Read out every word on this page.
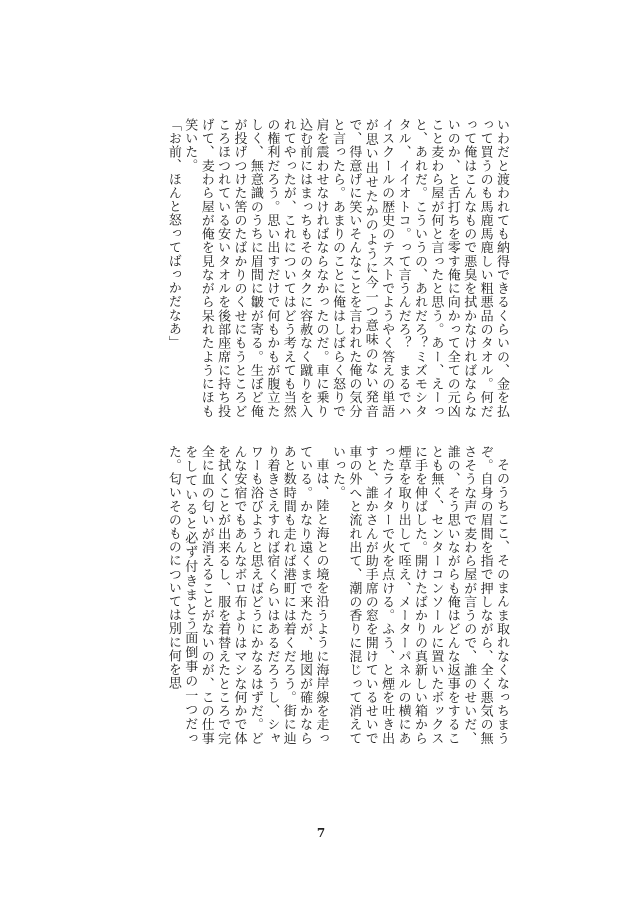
いわだと渡われても納得できるくらいの、金を払って買うのも馬鹿馬鹿しい粗悪品のタオル。何だって俺はこんなもので悪臭を拭かなければならないのか、と舌打ちを零す俺に向かって全ての元凶こと麦わら屋が何と言ったと思う。あー、えーっと、あれだ。こういうの、あれだろ？ミズモシタタル、イイオトコ。って言うんだろ？　まるでハイスクールの歴史のテストでようやく答えの単語が思い出せたかのように今一つ意味のない発音で、得意げに笑いそんなことを言われた俺の気分と言ったら。あまりのことに俺はしばらく怒りで肩を震わせなければならなかったのだ。車に乗り込む前にはまっちもそのタクに容赦なく蹴りを入れてやったが、これについてはどう考えても当然の権利だろう。思い出すだけで何もかもが腹立たしく、無意識のうちに眉間に皺が寄る。生ぼど俺が投げつけた筈のたばかりのくせにもうところどころほつれている安いタオルを後部座席に持ち投げて、麦わら屋が俺を見ながら呆れたようにほも笑いた。

「お前、ほんと怒ってばっかだなあ」

そのうちここ、そのまんま取れなくなっちまうぞ。自身の眉間を指で押しながら、全く悪気の無さそうな声で麦わら屋が言うので、誰のせいだ、誰の、そう思いながらも俺はどんな返事をすることも無く、センターコンソールに置いたボックスに手を伸ばした。開けたばかりの真新しい箱から煙草を取り出して咥え、メーターパネルの横にあったライターで火を点ける。ふう、と煙を吐き出すと、誰かさんが助手席の窓を開けているせいで車の外へと流れ出て、潮の香りに混じって消えていった。

車は、陸と海との境を沿うように海岸線を走っている。かなり遠くまで来たが、地図が確かならあと数時間も走れば港町には着くだろう。街に辿り着きさえすれば宿くらいはあるだろうし、シャワーも浴びようと思えばどうにかなるはずだ。どんな安宿でもあんなボロ布よりはマシな何かで体を拭くことが出来るし、服を着替えたところで完全に血の匂いが消えることがないのが、この仕事をしていると必ず付きまとう面倒事の一つだった。匂いそのものについては別に何を思

7
